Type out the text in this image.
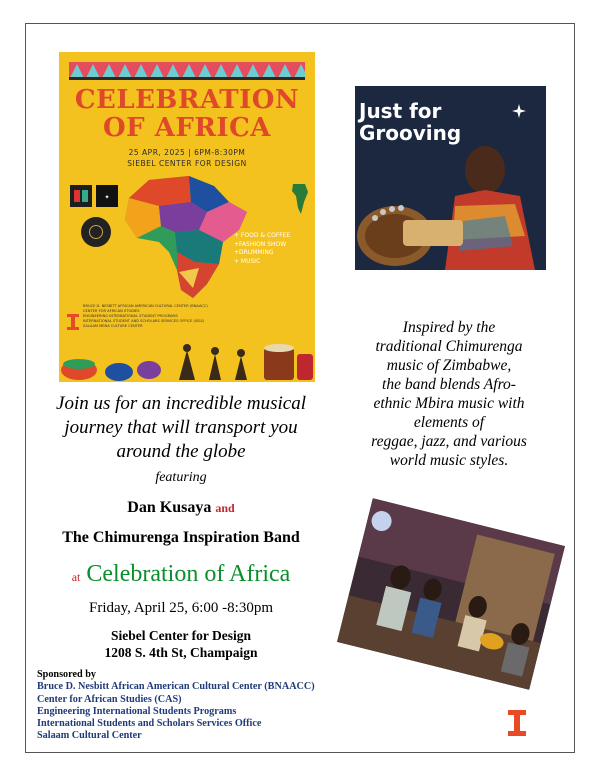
CELEBRATION
OF AFRICA
25 APR, 2025 | 6PM-8:30PM
SIEBEL CENTER FOR DESIGN
✦
+ FOOD & COFFEE
+FASHION SHOW
+DRUMMING
+ MUSIC
BRUCE D. NESBITT AFRICAN AMERICAN CULTURAL CENTER (BNAACC)
CENTER FOR AFRICAN STUDIES
ENGINEERING INTERNATIONAL STUDENT PROGRAMS
INTERNATIONAL STUDENT AND SCHOLARS SERVICES OFFICE (ISSS)
SALAAM MENA CULTURE CENTER
Just for
Grooving
Inspired by the
traditional Chimurenga
music of Zimbabwe,
the band blends Afro-
ethnic Mbira music with
elements of
reggae, jazz, and various
world music styles.
Join us for an incredible musical
journey that will transport you
around the globe
featuring
Dan Kusaya and
The Chimurenga Inspiration Band
at Celebration of Africa
Friday, April 25, 6:00 -8:30pm
Siebel Center for Design
1208 S. 4th St, Champaign
Sponsored by
Bruce D. Nesbitt African American Cultural Center (BNAACC)
Center for African Studies (CAS)
Engineering International Students Programs
International Students and Scholars Services Office
Salaam Cultural Center
